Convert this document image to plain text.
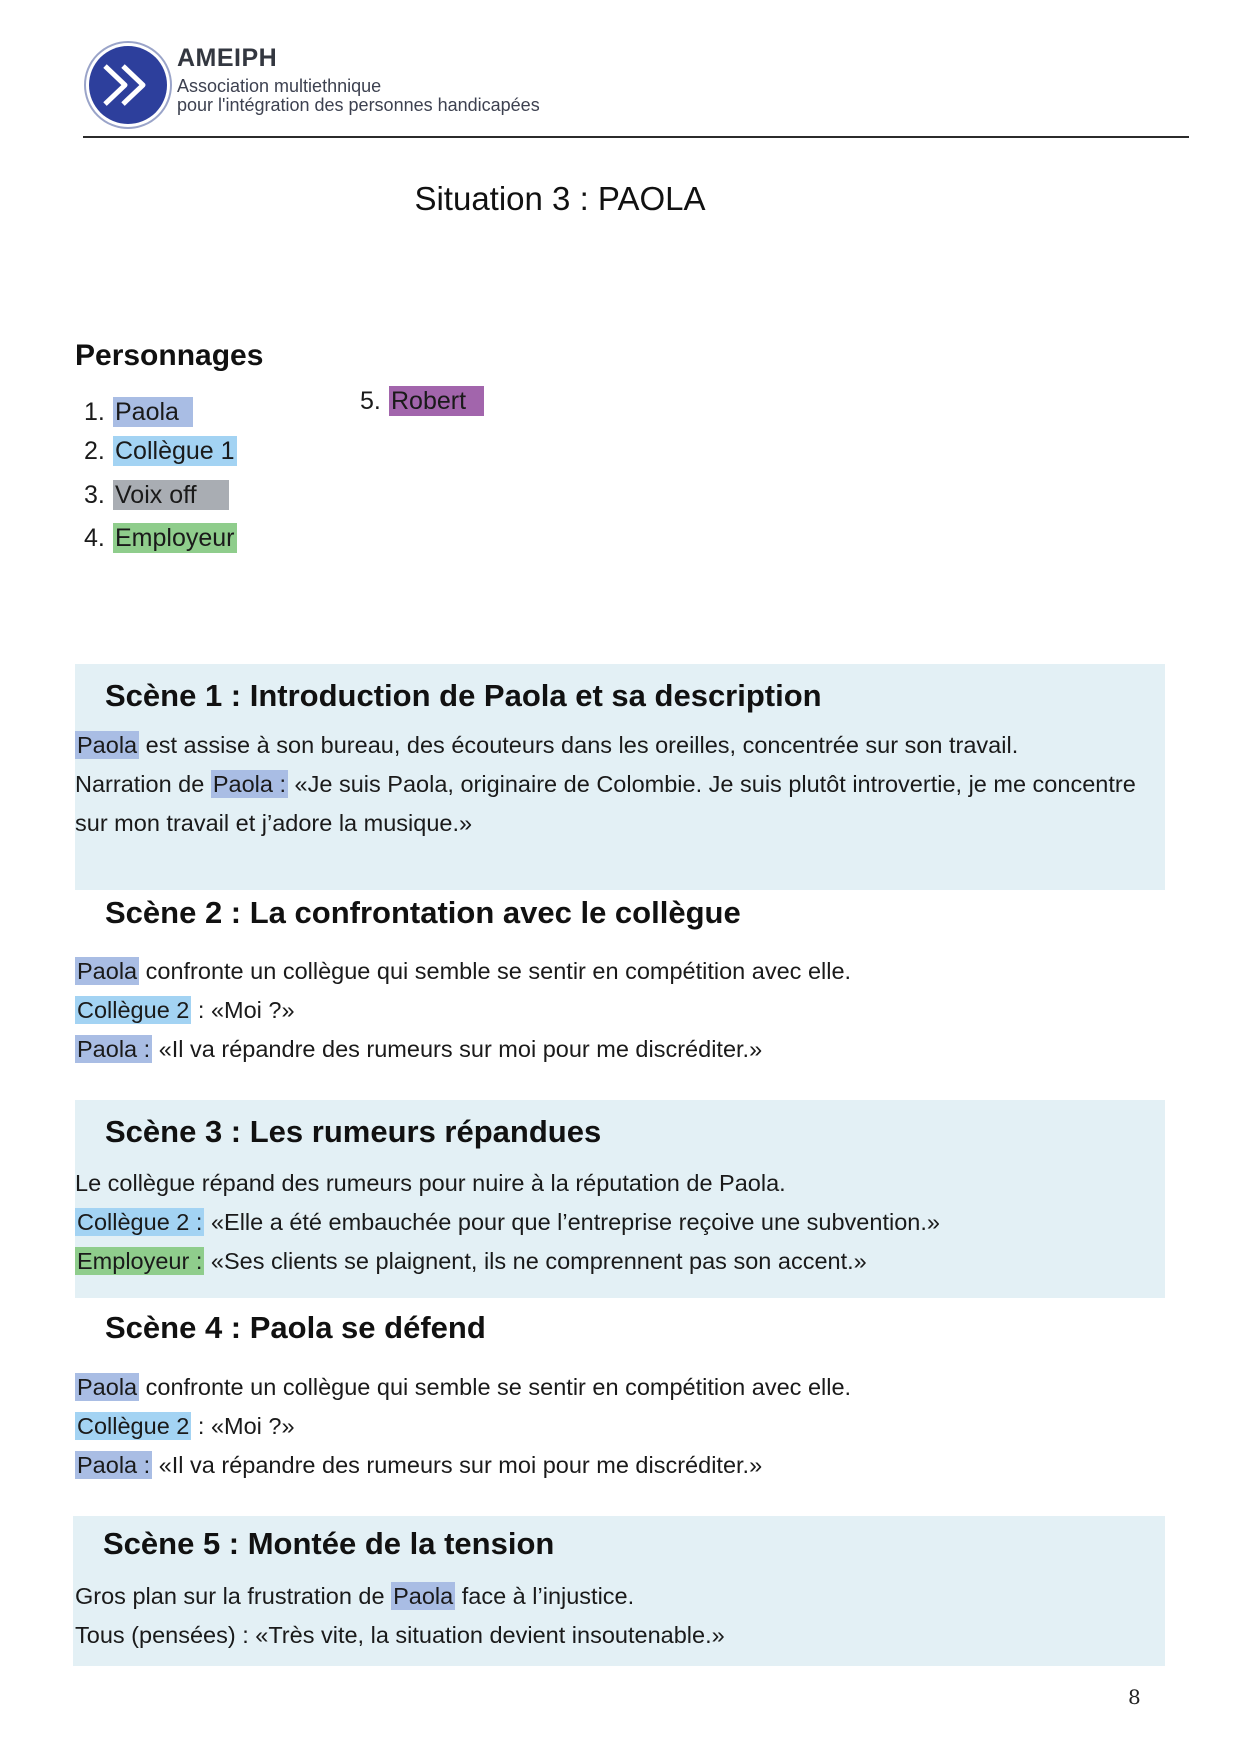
AMEIPH
Association multiethnique
pour l'intégration des personnes handicapées
Situation 3 : PAOLA
Personnages
1. Paola
2. Collègue 1
3. Voix off
4. Employeur
5. Robert
Scène 1 : Introduction de Paola et sa description
Paola est assise à son bureau, des écouteurs dans les oreilles, concentrée sur son travail.
Narration de Paola : «Je suis Paola, originaire de Colombie. Je suis plutôt introvertie, je me concentre
sur mon travail et j’adore la musique.»
Scène 2 : La confrontation avec le collègue
Paola confronte un collègue qui semble se sentir en compétition avec elle.
Collègue 2 : «Moi ?»
Paola : «Il va répandre des rumeurs sur moi pour me discréditer.»
Scène 3 : Les rumeurs répandues
Le collègue répand des rumeurs pour nuire à la réputation de Paola.
Collègue 2 : «Elle a été embauchée pour que l’entreprise reçoive une subvention.»
Employeur : «Ses clients se plaignent, ils ne comprennent pas son accent.»
Scène 4 : Paola se défend
Paola confronte un collègue qui semble se sentir en compétition avec elle.
Collègue 2 : «Moi ?»
Paola : «Il va répandre des rumeurs sur moi pour me discréditer.»
Scène 5 : Montée de la tension
Gros plan sur la frustration de Paola face à l’injustice.
Tous (pensées) : «Très vite, la situation devient insoutenable.»
8
